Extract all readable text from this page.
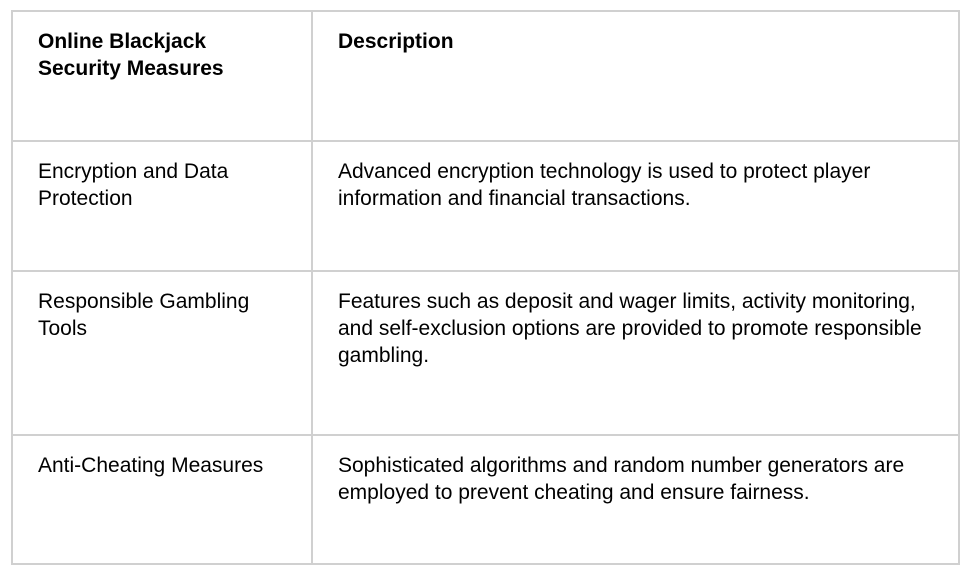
Online Blackjack Security Measures	Description
Encryption and Data Protection	Advanced encryption technology is used to protect player information and financial transactions.
Responsible Gambling Tools	Features such as deposit and wager limits, activity monitoring, and self-exclusion options are provided to promote responsible gambling.
Anti-Cheating Measures	Sophisticated algorithms and random number generators are employed to prevent cheating and ensure fairness.
